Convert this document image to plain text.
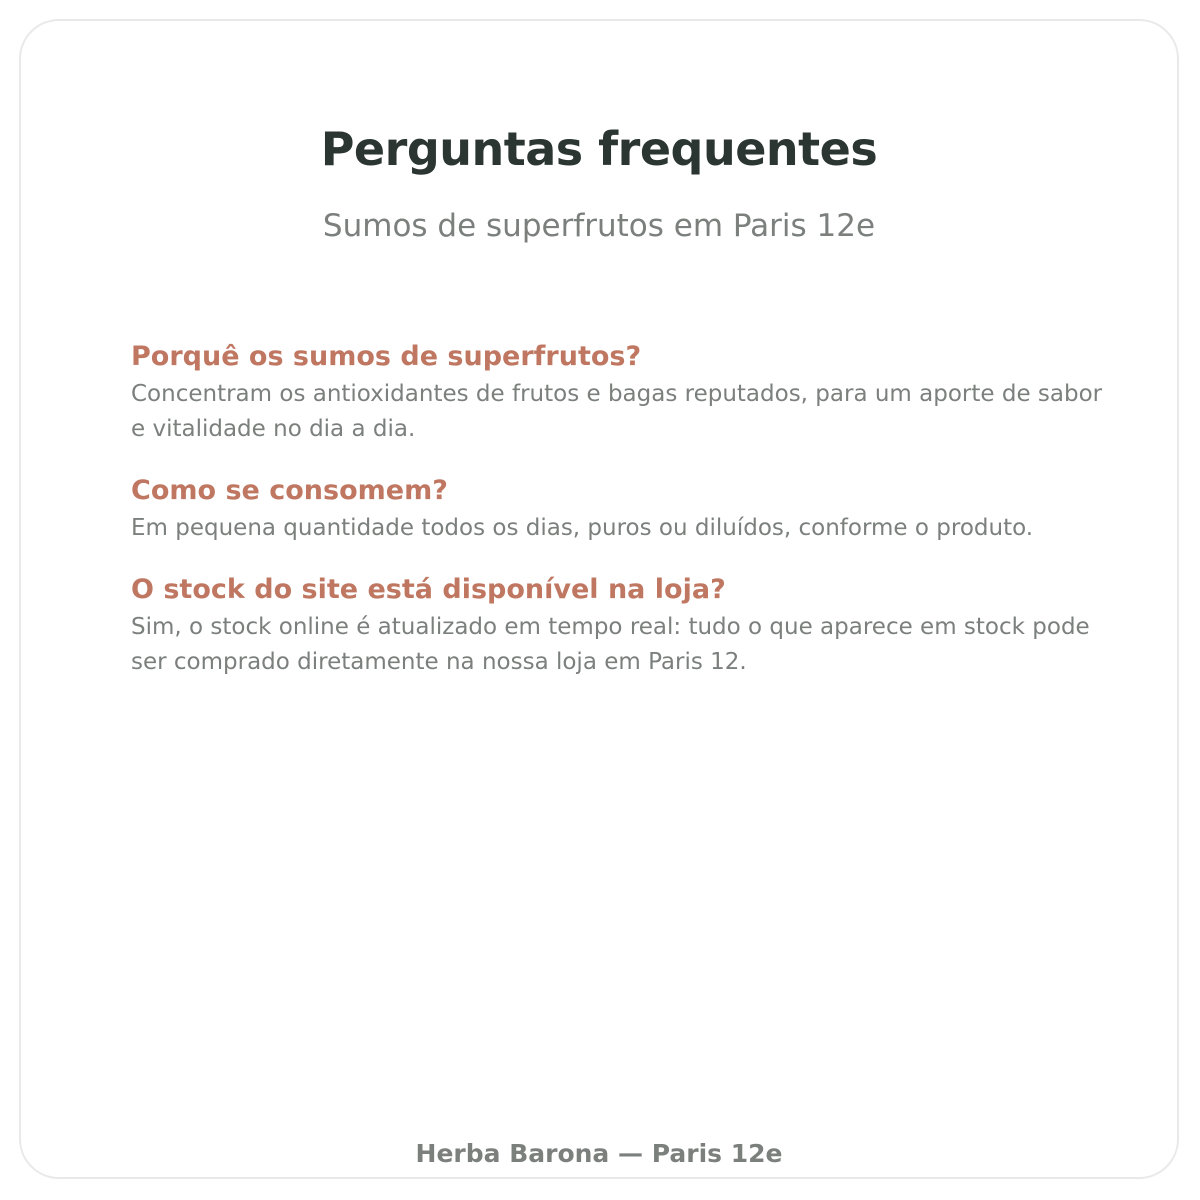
Perguntas frequentes

Sumos de superfrutos em Paris 12e

Porquê os sumos de superfrutos?

Concentram os antioxidantes de frutos e bagas reputados, para um aporte de sabor e vitalidade no dia a dia.

Como se consomem?

Em pequena quantidade todos os dias, puros ou diluídos, conforme o produto.

O stock do site está disponível na loja?

Sim, o stock online é atualizado em tempo real: tudo o que aparece em stock pode ser comprado diretamente na nossa loja em Paris 12.

Herba Barona — Paris 12e
